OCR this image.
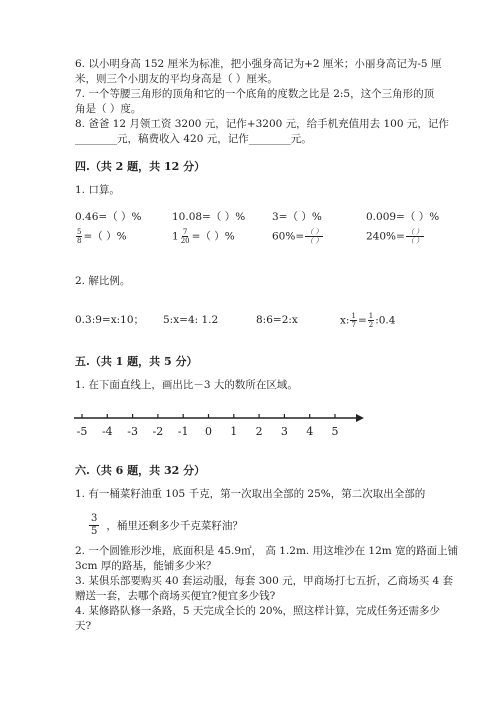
6. 以小明身高 152 厘米为标准，把小强身高记为+2 厘米；小丽身高记为-5 厘
米，则三个小朋友的平均身高是（ ）厘米。
7. 一个等腰三角形的顶角和它的一个底角的度数之比是 2:5，这个三角形的顶
角是（ ）度。
8. 爸爸 12 月领工资 3200 元，记作+3200 元，给手机充值用去 100 元，记作
________元，稿费收入 420 元，记作________元。
四.（共 2 题，共 12 分）
1. 口算。
0.46=（ ）%	10.08=（ ）%	3=（ ）%	0.009=（ ）%
$\frac{5}{8}$ =（ ）%	$1 \frac{7}{20}$ =（ ）%	$60\%= \frac{( )}{( )}$	$240\%= \frac{( )}{( )}$
2. 解比例。
0.3:9=x:10； 5:x=4: 1.2	8:6=2:x	x: $\frac{1}{7} = \frac{1}{2}$ :0.4
五.（共 1 题，共 5 分）
1. 在下面直线上，画出比－3 大的数所在区域。
-5 -4 -3 -2 -1 0 1 2 3 4 5
六.（共 6 题，共 32 分）
1. 有一桶菜籽油重 105 千克，第一次取出全部的 25%，第二次取出全部的
$\frac{3}{5}$ ，桶里还剩多少千克菜籽油？
2. 一个圆锥形沙堆，底面积是 45.9㎡， 高 1.2m. 用这堆沙在 12m 宽的路面上铺
3cm 厚的路基，能铺多少米？
3. 某俱乐部要购买 40 套运动服，每套 300 元，甲商场打七五折，乙商场买 4 套
赠送一套，去哪个商场买便宜?便宜多少钱?
4. 某修路队修一条路，5 天完成全长的 20%，照这样计算，完成任务还需多少
天?
